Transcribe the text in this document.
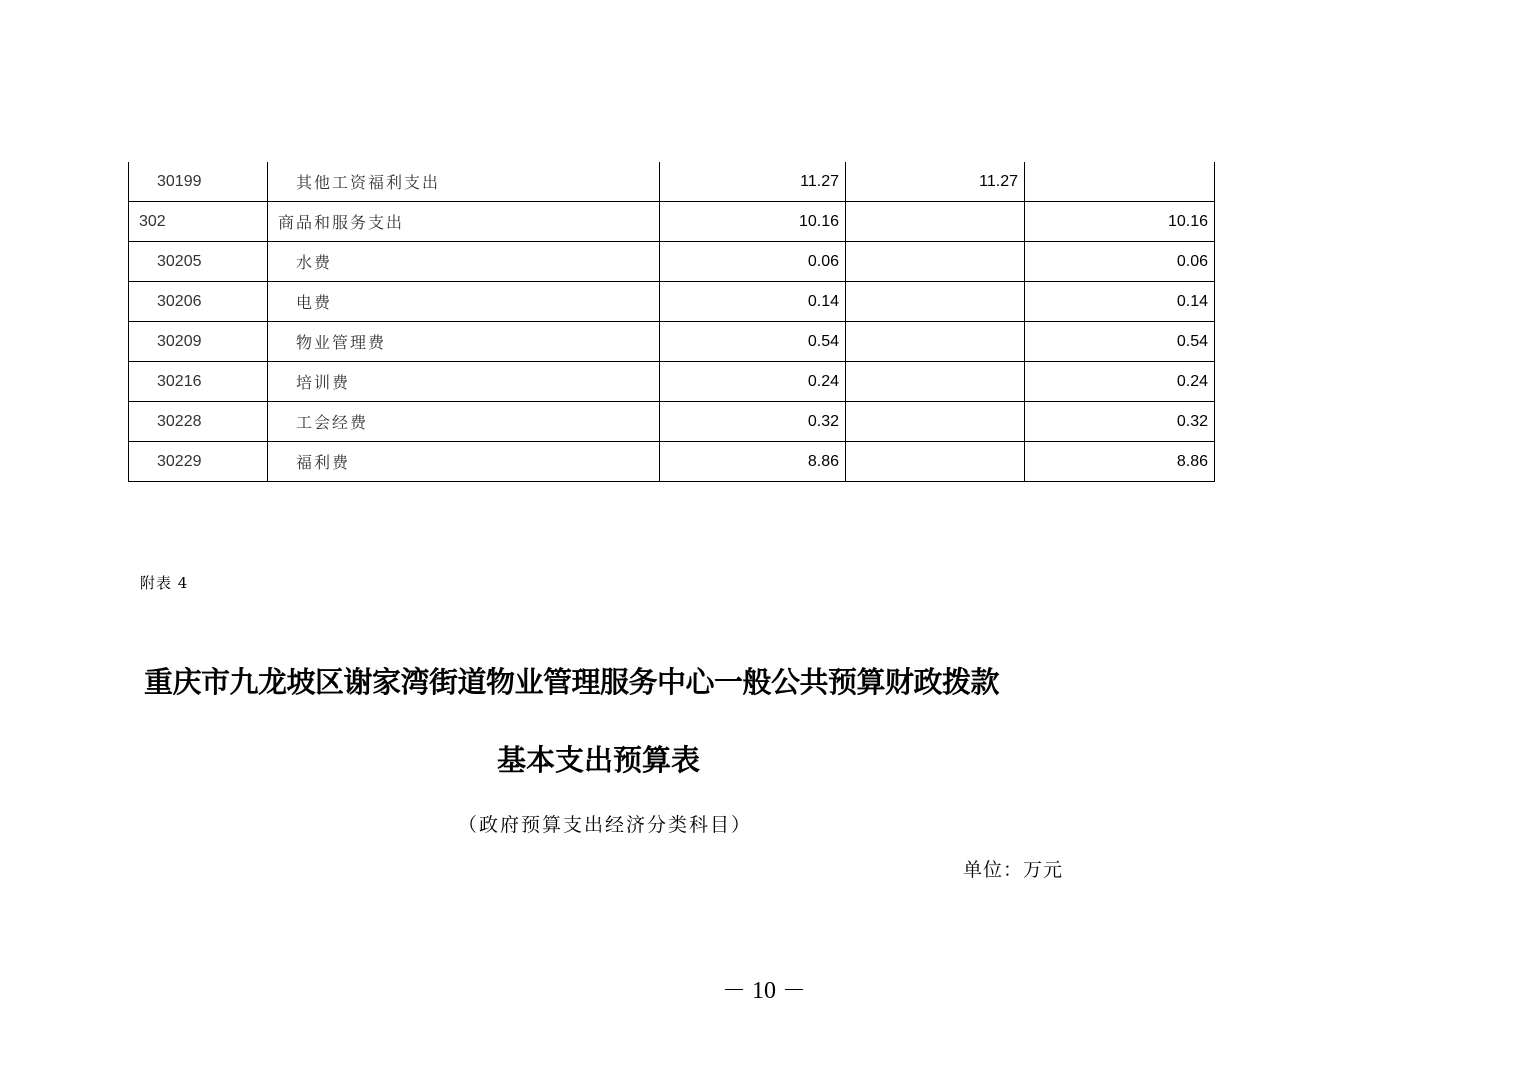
30199	其他工资福利支出	11.27	11.27	
302	商品和服务支出	10.16		10.16
30205	水费	0.06		0.06
30206	电费	0.14		0.14
30209	物业管理费	0.54		0.54
30216	培训费	0.24		0.24
30228	工会经费	0.32		0.32
30229	福利费	8.86		8.86
附表 4
重庆市九龙坡区谢家湾街道物业管理服务中心一般公共预算财政拨款
基本支出预算表
（政府预算支出经济分类科目）
单位：万元
－ 10 －
